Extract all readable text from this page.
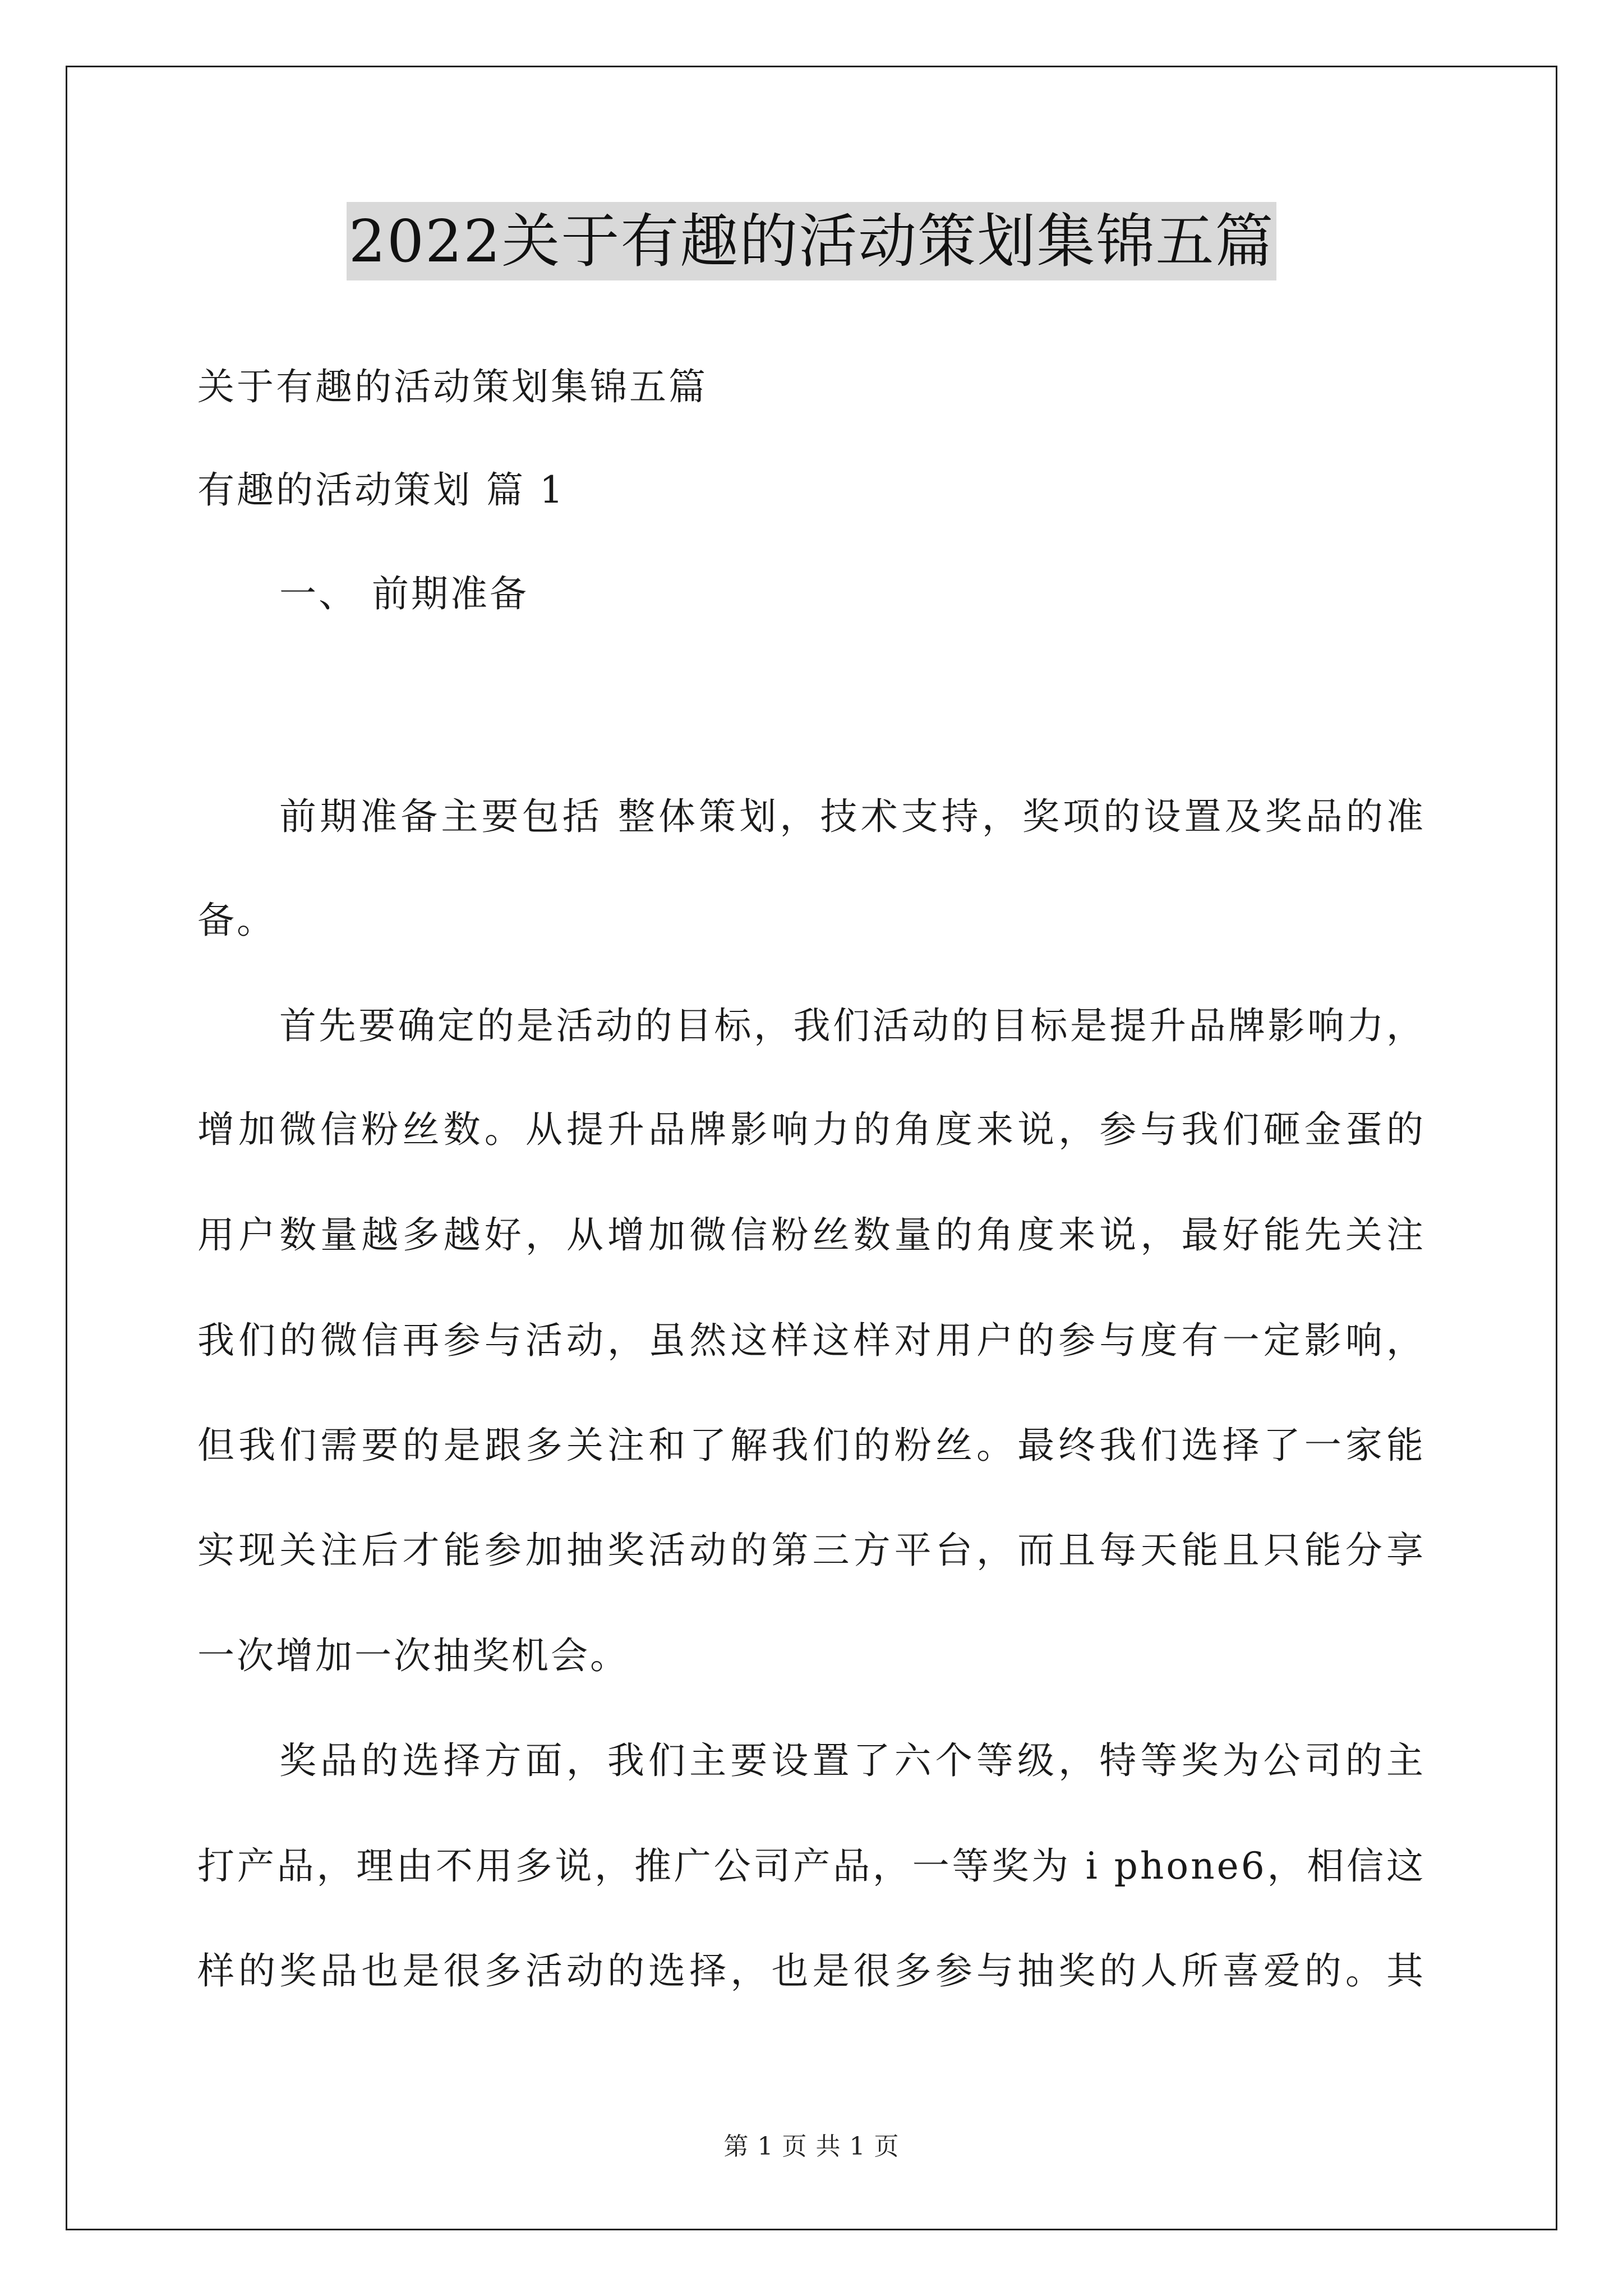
2022关于有趣的活动策划集锦五篇
关于有趣的活动策划集锦五篇
有趣的活动策划 篇 1
一、 前期准备
前期准备主要包括 整体策划，技术支持，奖项的设置及奖品的准
备。
首先要确定的是活动的目标，我们活动的目标是提升品牌影响力，
增加微信粉丝数。从提升品牌影响力的角度来说，参与我们砸金蛋的
用户数量越多越好，从增加微信粉丝数量的角度来说，最好能先关注
我们的微信再参与活动，虽然这样这样对用户的参与度有一定影响，
但我们需要的是跟多关注和了解我们的粉丝。最终我们选择了一家能
实现关注后才能参加抽奖活动的第三方平台，而且每天能且只能分享
一次增加一次抽奖机会。
奖品的选择方面，我们主要设置了六个等级，特等奖为公司的主
打产品，理由不用多说，推广公司产品，一等奖为 i phone6，相信这
样的奖品也是很多活动的选择，也是很多参与抽奖的人所喜爱的。其
第 1 页 共 1 页
